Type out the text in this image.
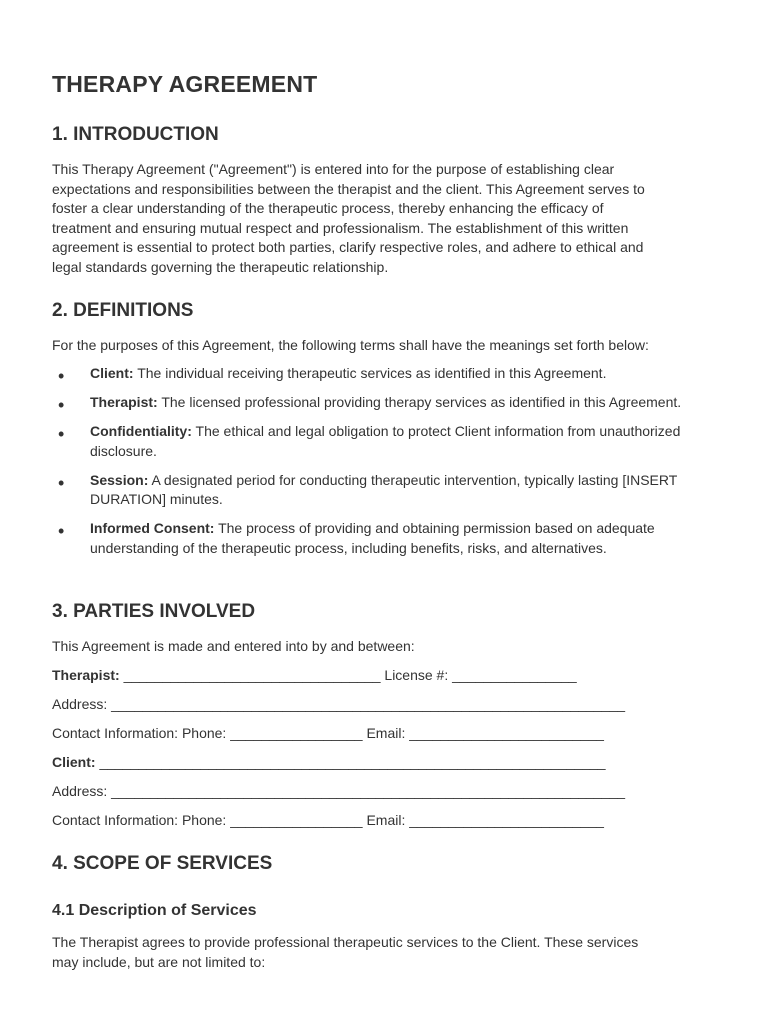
THERAPY AGREEMENT
1. INTRODUCTION
This Therapy Agreement ("Agreement") is entered into for the purpose of establishing clear
expectations and responsibilities between the therapist and the client. This Agreement serves to
foster a clear understanding of the therapeutic process, thereby enhancing the efficacy of
treatment and ensuring mutual respect and professionalism. The establishment of this written
agreement is essential to protect both parties, clarify respective roles, and adhere to ethical and
legal standards governing the therapeutic relationship.
2. DEFINITIONS

For the purposes of this Agreement, the following terms shall have the meanings set forth below:

• Client: The individual receiving therapeutic services as identified in this Agreement.
• Therapist: The licensed professional providing therapy services as identified in this Agreement.
• Confidentiality: The ethical and legal obligation to protect Client information from unauthorized disclosure.
• Session: A designated period for conducting therapeutic intervention, typically lasting [INSERT DURATION] minutes.
• Informed Consent: The process of providing and obtaining permission based on adequate understanding of the therapeutic process, including benefits, risks, and alternatives.
3. PARTIES INVOLVED

This Agreement is made and entered into by and between:

Therapist: _________________________________ License #: ________________
Address: __________________________________________________________________
Contact Information: Phone: _________________ Email: _________________________
Client: _________________________________________________________________
Address: __________________________________________________________________
Contact Information: Phone: _________________ Email: _________________________
4. SCOPE OF SERVICES
4.1 Description of Services
The Therapist agrees to provide professional therapeutic services to the Client. These services
may include, but are not limited to:
